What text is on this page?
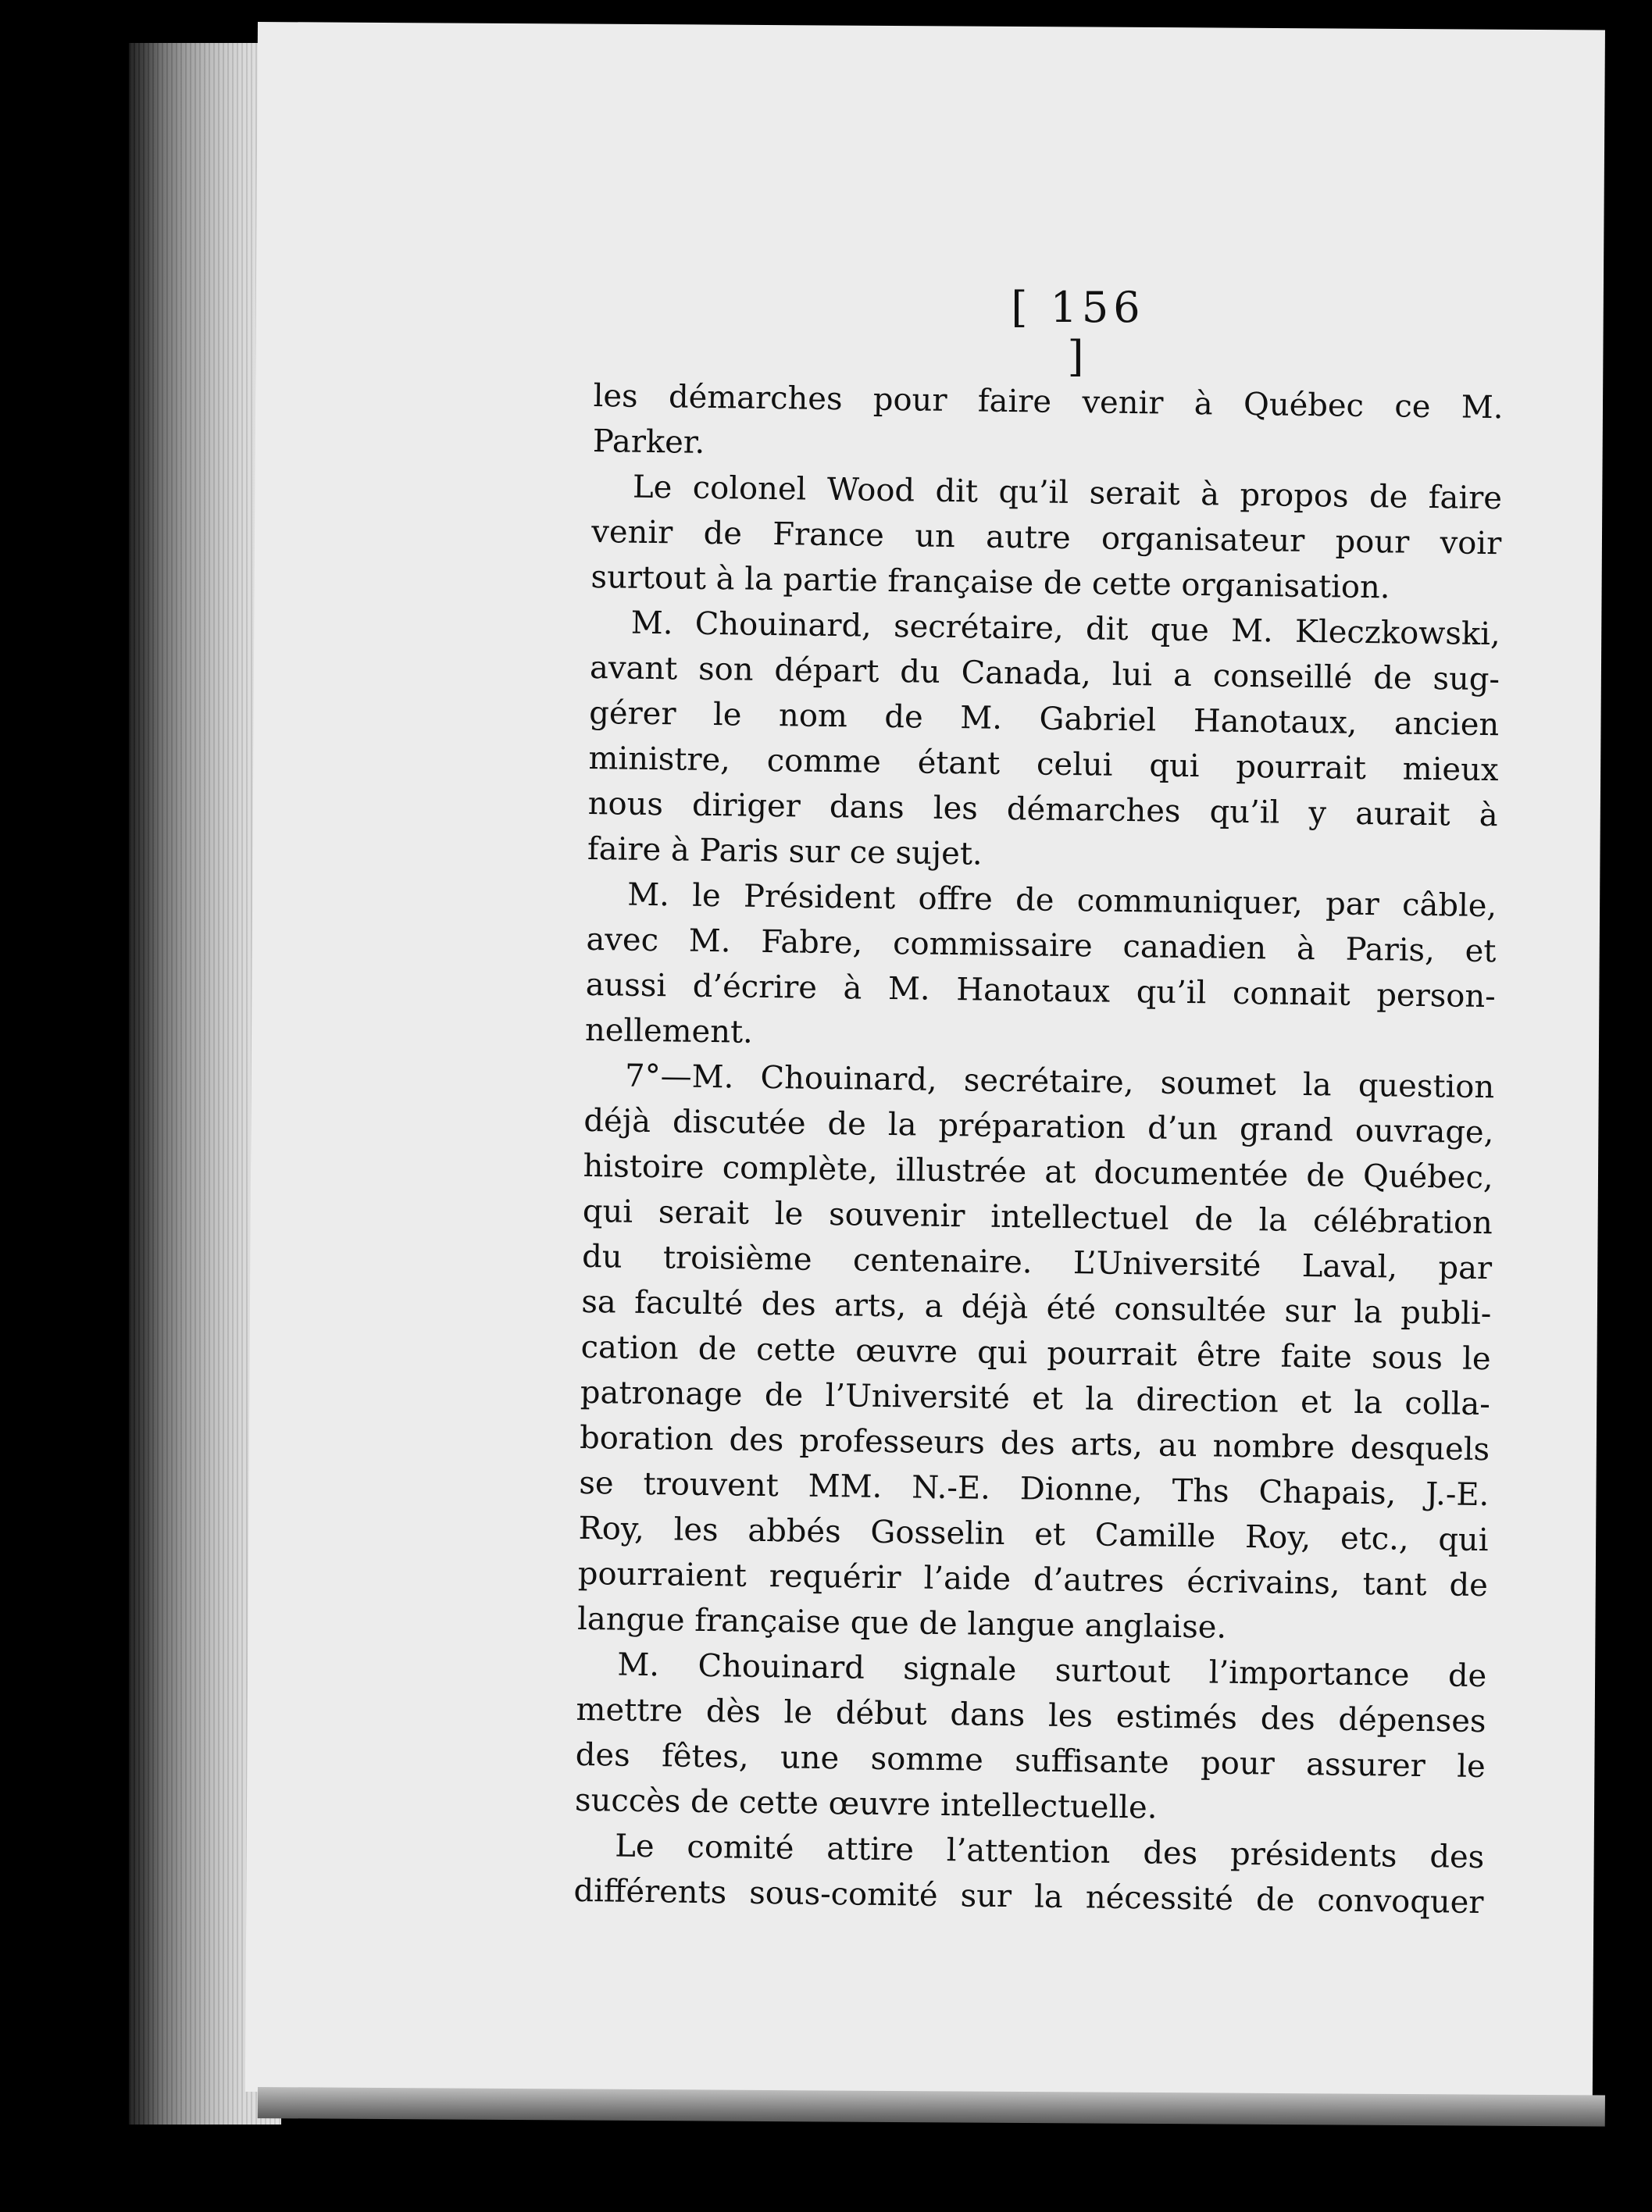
[ 156 ]
les démarches pour faire venir à Québec ce M.
Parker.
Le colonel Wood dit qu’il serait à propos de faire
venir de France un autre organisateur pour voir
surtout à la partie française de cette organisation.
M. Chouinard, secrétaire, dit que M. Kleczkowski,
avant son départ du Canada, lui a conseillé de sug-
gérer le nom de M. Gabriel Hanotaux, ancien
ministre, comme étant celui qui pourrait mieux
nous diriger dans les démarches qu’il y aurait à
faire à Paris sur ce sujet.
M. le Président offre de communiquer, par câble,
avec M. Fabre, commissaire canadien à Paris, et
aussi d’écrire à M. Hanotaux qu’il connait person-
nellement.
7°—M. Chouinard, secrétaire, soumet la question
déjà discutée de la préparation d’un grand ouvrage,
histoire complète, illustrée at documentée de Québec,
qui serait le souvenir intellectuel de la célébration
du troisième centenaire. L’Université Laval, par
sa faculté des arts, a déjà été consultée sur la publi-
cation de cette œuvre qui pourrait être faite sous le
patronage de l’Université et la direction et la colla-
boration des professeurs des arts, au nombre desquels
se trouvent MM. N.-E. Dionne, Ths Chapais, J.-E.
Roy, les abbés Gosselin et Camille Roy, etc., qui
pourraient requérir l’aide d’autres écrivains, tant de
langue française que de langue anglaise.
M. Chouinard signale surtout l’importance de
mettre dès le début dans les estimés des dépenses
des fêtes, une somme suffisante pour assurer le
succès de cette œuvre intellectuelle.
Le comité attire l’attention des présidents des
différents sous-comité sur la nécessité de convoquer
